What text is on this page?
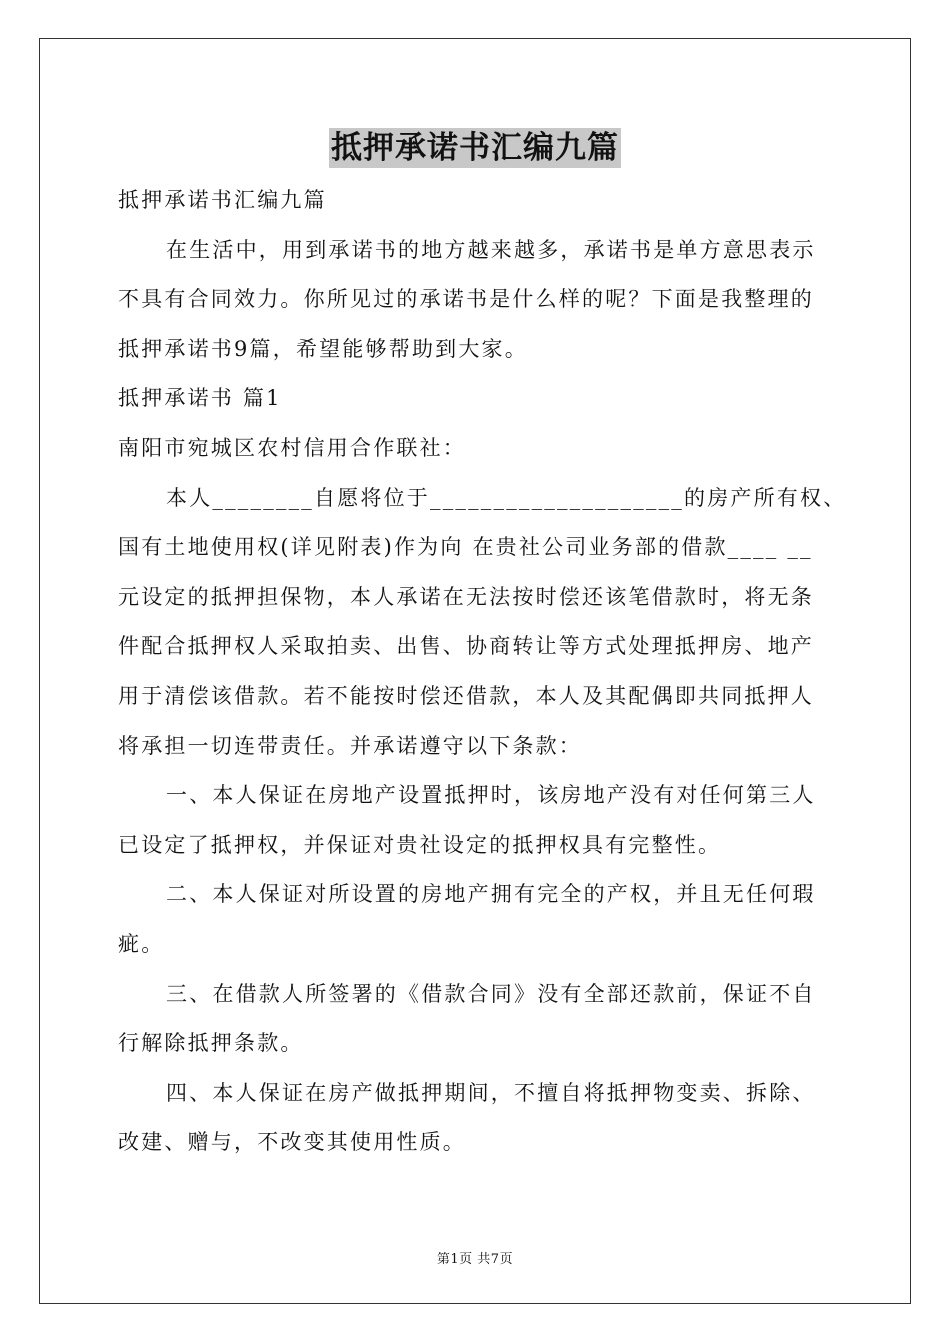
抵押承诺书汇编九篇
抵押承诺书汇编九篇
在生活中，用到承诺书的地方越来越多，承诺书是单方意思表示
不具有合同效力。你所见过的承诺书是什么样的呢？下面是我整理的
抵押承诺书9篇，希望能够帮助到大家。
抵押承诺书 篇1
南阳市宛城区农村信用合作联社：
本人________自愿将位于____________________的房产所有权、
国有土地使用权(详见附表)作为向 在贵社公司业务部的借款____ __
元设定的抵押担保物，本人承诺在无法按时偿还该笔借款时，将无条
件配合抵押权人采取拍卖、出售、协商转让等方式处理抵押房、地产
用于清偿该借款。若不能按时偿还借款，本人及其配偶即共同抵押人
将承担一切连带责任。并承诺遵守以下条款：
一、本人保证在房地产设置抵押时，该房地产没有对任何第三人
已设定了抵押权，并保证对贵社设定的抵押权具有完整性。
二、本人保证对所设置的房地产拥有完全的产权，并且无任何瑕
疵。
三、在借款人所签署的《借款合同》没有全部还款前，保证不自
行解除抵押条款。
四、本人保证在房产做抵押期间，不擅自将抵押物变卖、拆除、
改建、赠与，不改变其使用性质。
第1页 共7页
